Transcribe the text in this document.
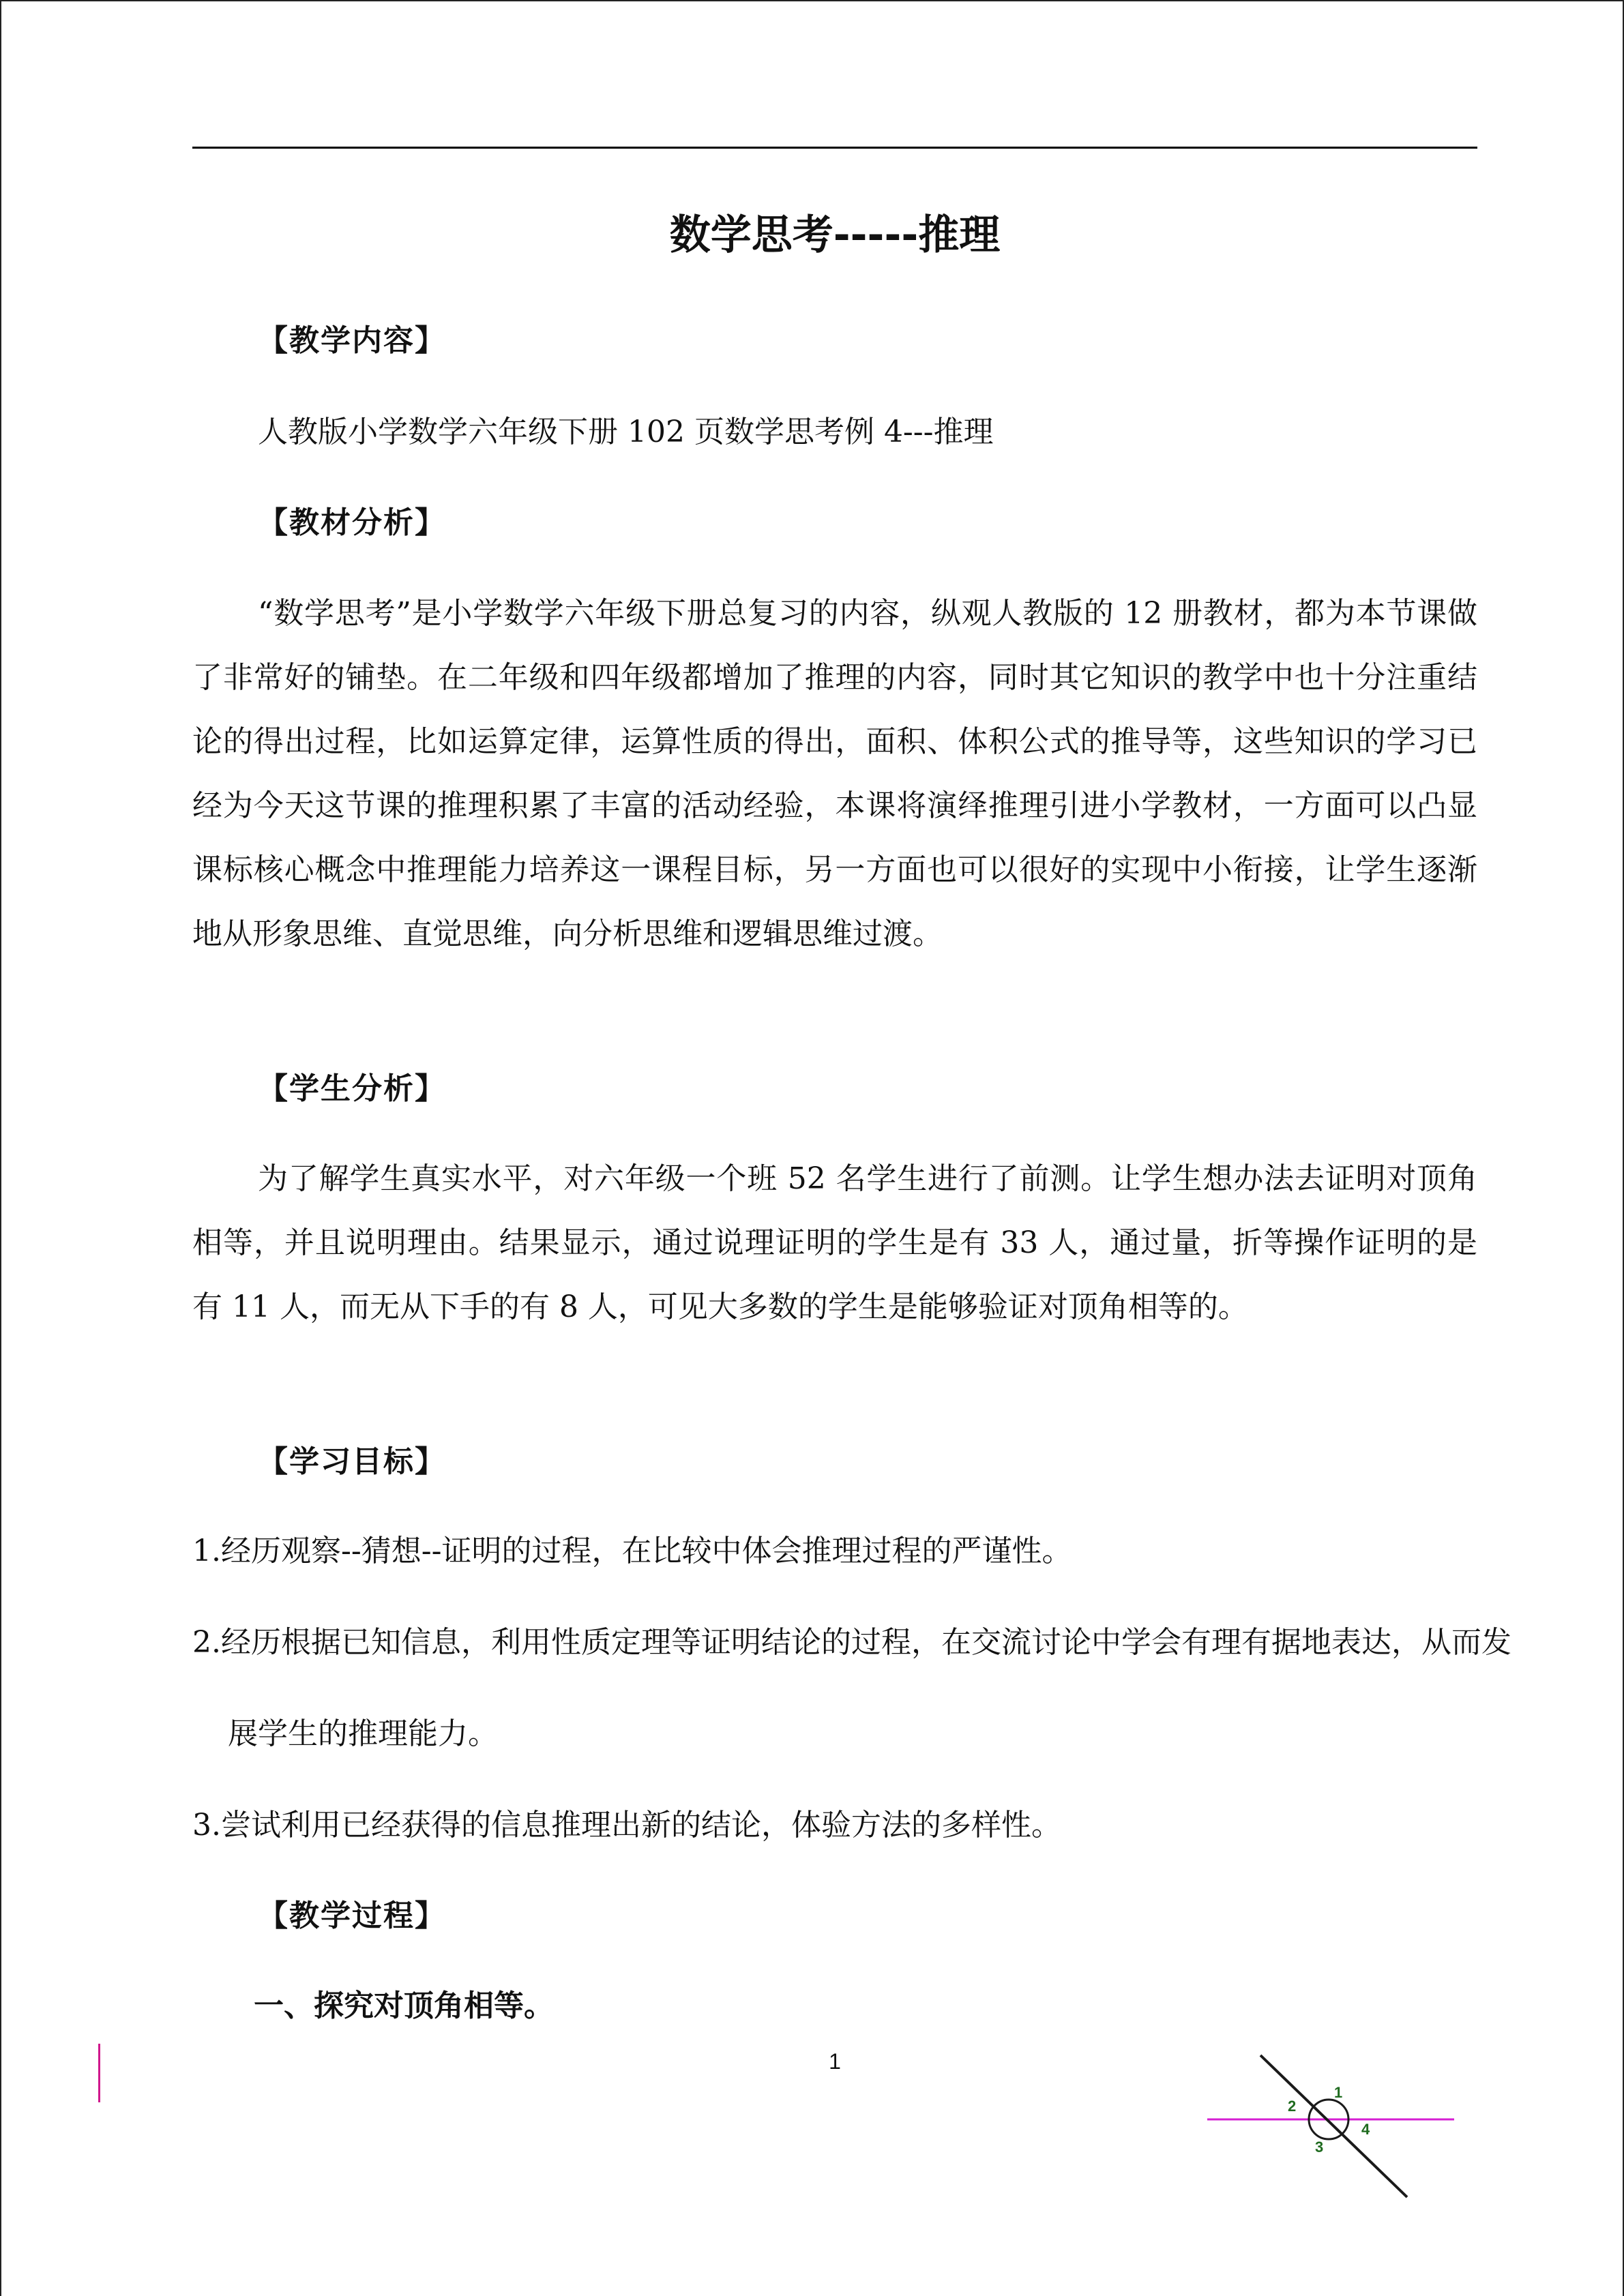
数学思考-----推理

【教学内容】

人教版小学数学六年级下册 102 页数学思考例 4---推理

【教材分析】

“数学思考”是小学数学六年级下册总复习的内容，纵观人教版的 12 册教材，都为本节课做了非常好的铺垫。在二年级和四年级都增加了推理的内容，同时其它知识的教学中也十分注重结论的得出过程，比如运算定律，运算性质的得出，面积、体积公式的推导等，这些知识的学习已经为今天这节课的推理积累了丰富的活动经验，本课将演绎推理引进小学教材，一方面可以凸显课标核心概念中推理能力培养这一课程目标，另一方面也可以很好的实现中小衔接，让学生逐渐地从形象思维、直觉思维，向分析思维和逻辑思维过渡。

【学生分析】

为了解学生真实水平，对六年级一个班 52 名学生进行了前测。让学生想办法去证明对顶角相等，并且说明理由。结果显示，通过说理证明的学生是有 33 人，通过量，折等操作证明的是有 11 人，而无从下手的有 8 人，可见大多数的学生是能够验证对顶角相等的。

【学习目标】

1.经历观察--猜想--证明的过程，在比较中体会推理过程的严谨性。

2.经历根据已知信息，利用性质定理等证明结论的过程，在交流讨论中学会有理有据地表达，从而发展学生的推理能力。

3.尝试利用已经获得的信息推理出新的结论，体验方法的多样性。

【教学过程】

一、探究对顶角相等。

1
1
2
3
4
